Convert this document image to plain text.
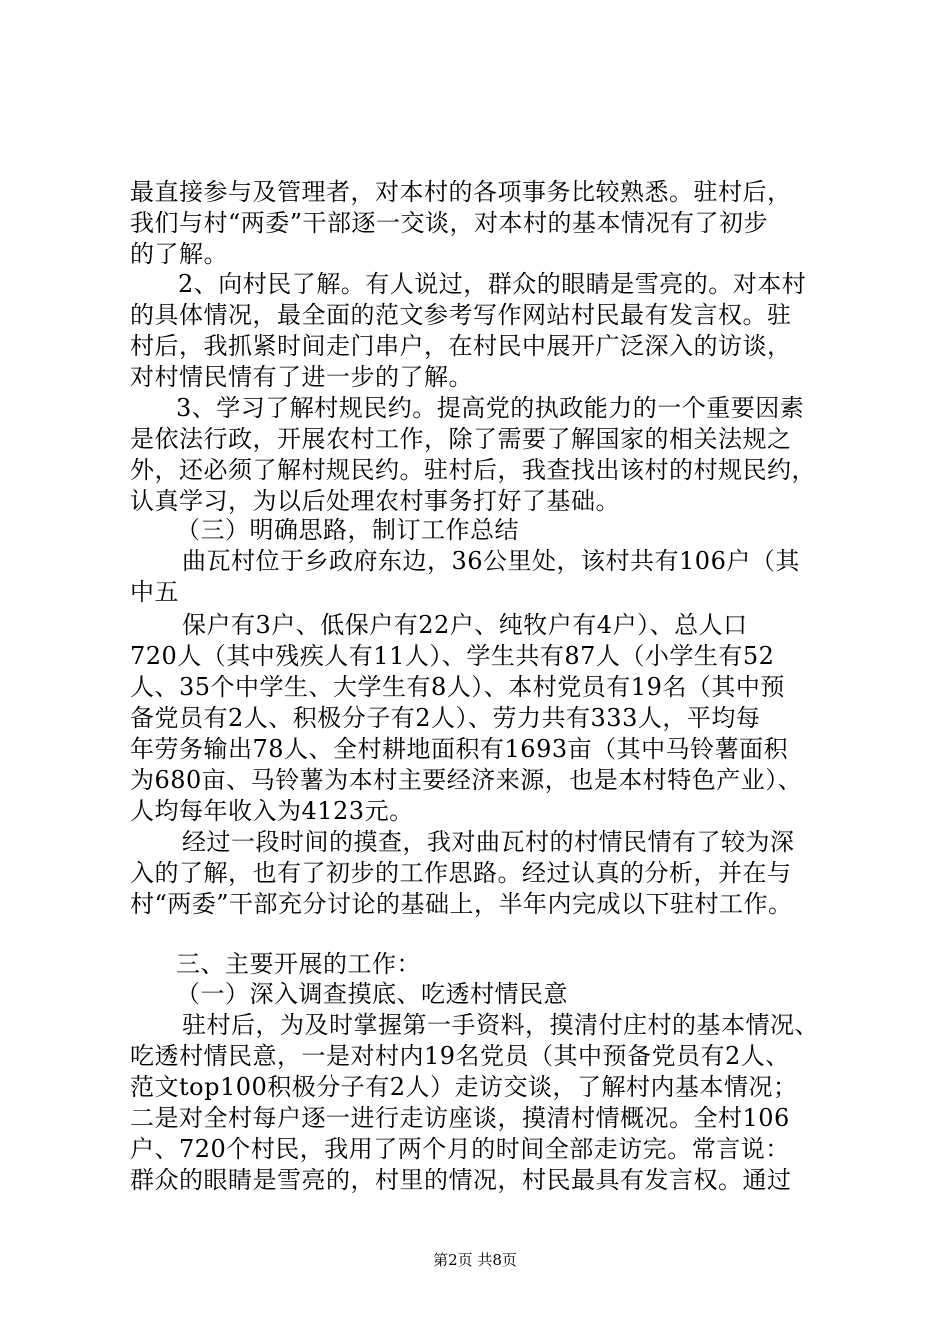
最直接参与及管理者，对本村的各项事务比较熟悉。驻村后，
我们与村“两委”干部逐一交谈，对本村的基本情况有了初步
的了解。
2、向村民了解。有人说过，群众的眼睛是雪亮的。对本村
的具体情况，最全面的范文参考写作网站村民最有发言权。驻
村后，我抓紧时间走门串户，在村民中展开广泛深入的访谈，
对村情民情有了进一步的了解。
3、学习了解村规民约。提高党的执政能力的一个重要因素
是依法行政，开展农村工作，除了需要了解国家的相关法规之
外，还必须了解村规民约。驻村后，我查找出该村的村规民约，
认真学习，为以后处理农村事务打好了基础。
（三）明确思路，制订工作总结
曲瓦村位于乡政府东边，36公里处，该村共有106户（其
中五
保户有3户、低保户有22户、纯牧户有4户）、总人口
720人（其中残疾人有11人）、学生共有87人（小学生有52
人、35个中学生、大学生有8人）、本村党员有19名（其中预
备党员有2人、积极分子有2人）、劳力共有333人，平均每
年劳务输出78人、全村耕地面积有1693亩（其中马铃薯面积
为680亩、马铃薯为本村主要经济来源，也是本村特色产业）、
人均每年收入为4123元。
经过一段时间的摸查，我对曲瓦村的村情民情有了较为深
入的了解，也有了初步的工作思路。经过认真的分析，并在与
村“两委”干部充分讨论的基础上，半年内完成以下驻村工作。
三、主要开展的工作：
（一）深入调查摸底、吃透村情民意
驻村后，为及时掌握第一手资料，摸清付庄村的基本情况、
吃透村情民意，一是对村内19名党员（其中预备党员有2人、
范文top100积极分子有2人）走访交谈，了解村内基本情况；
二是对全村每户逐一进行走访座谈，摸清村情概况。全村106
户、720个村民，我用了两个月的时间全部走访完。常言说：
群众的眼睛是雪亮的，村里的情况，村民最具有发言权。通过
第2页 共8页
